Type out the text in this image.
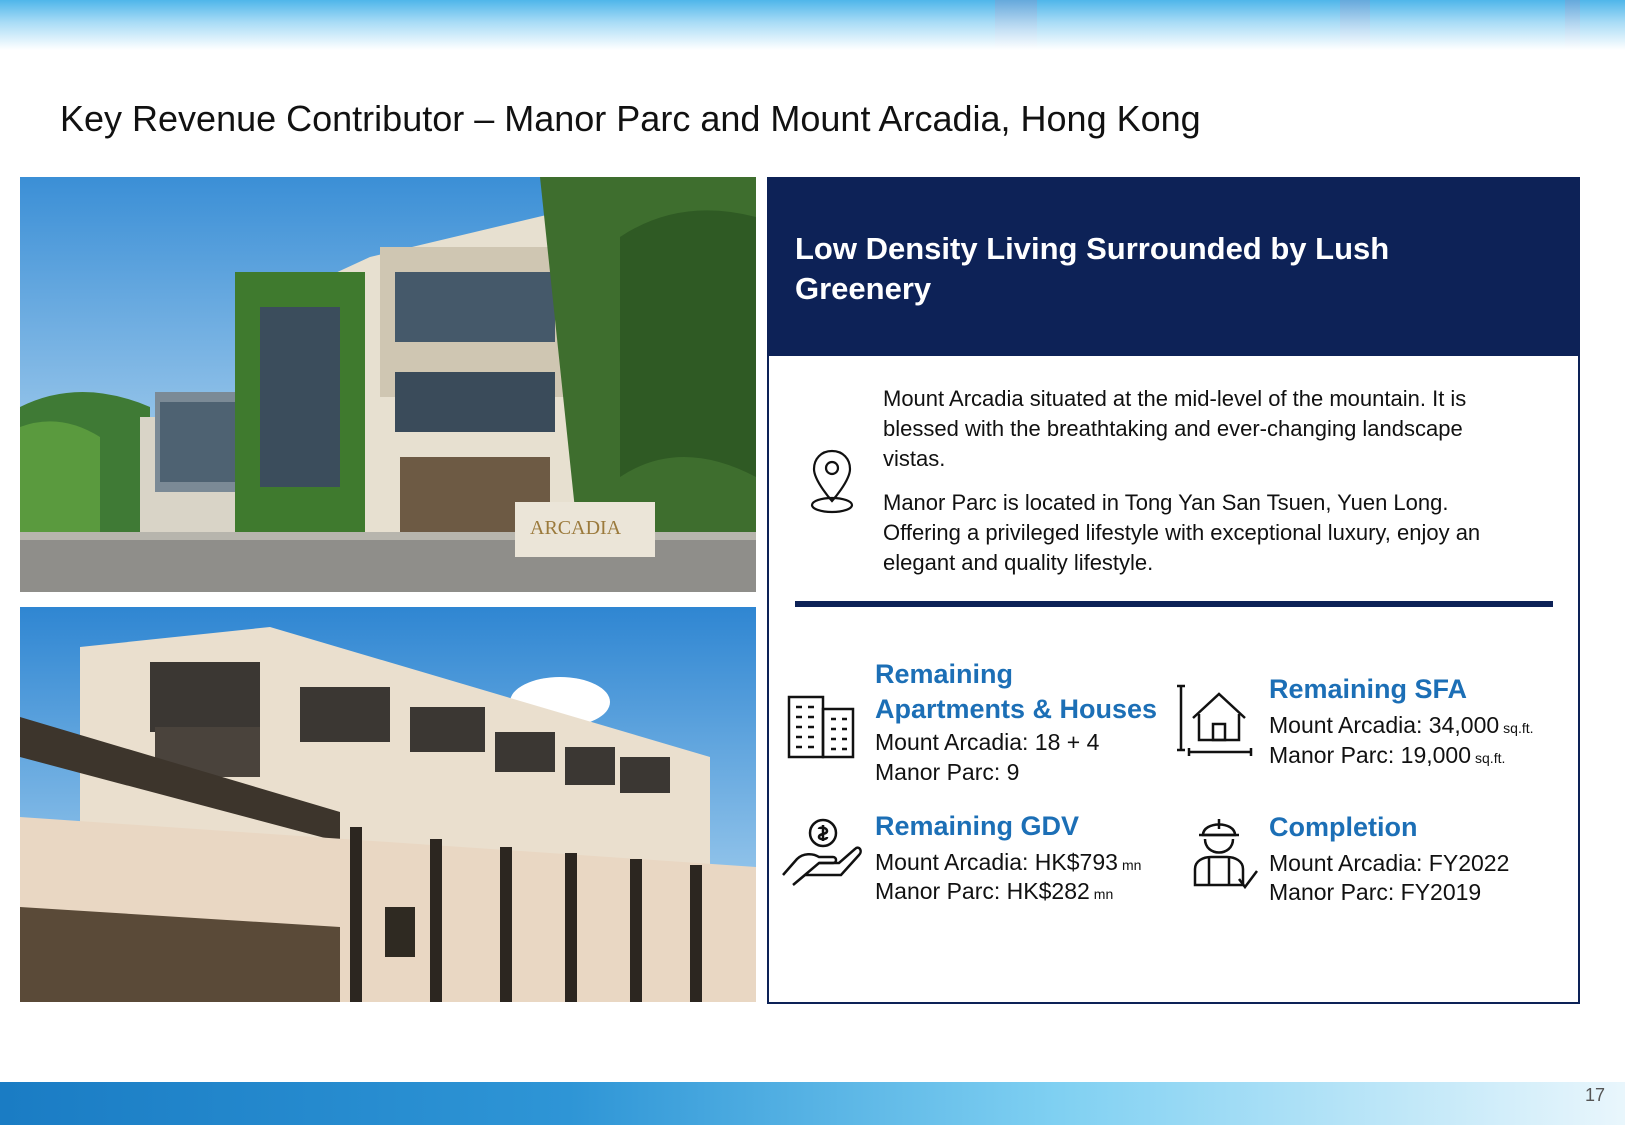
Key Revenue Contributor – Manor Parc and Mount Arcadia, Hong Kong
ARCADIA
Low Density Living Surrounded by Lush Greenery

Mount Arcadia situated at the mid-level of the mountain. It is blessed with the breathtaking and ever-changing landscape vistas.

Manor Parc is located in Tong Yan San Tsuen, Yuen Long. Offering a privileged lifestyle with exceptional luxury, enjoy an elegant and quality lifestyle.

Remaining
Apartments & Houses
Mount Arcadia: 18 + 4
Manor Parc: 9
Remaining SFA
Mount Arcadia: 34,000 sq.ft.
Manor Parc: 19,000 sq.ft.
Remaining GDV
Mount Arcadia: HK$793 mn
Manor Parc: HK$282 mn
Completion
Mount Arcadia: FY2022
Manor Parc: FY2019
17
